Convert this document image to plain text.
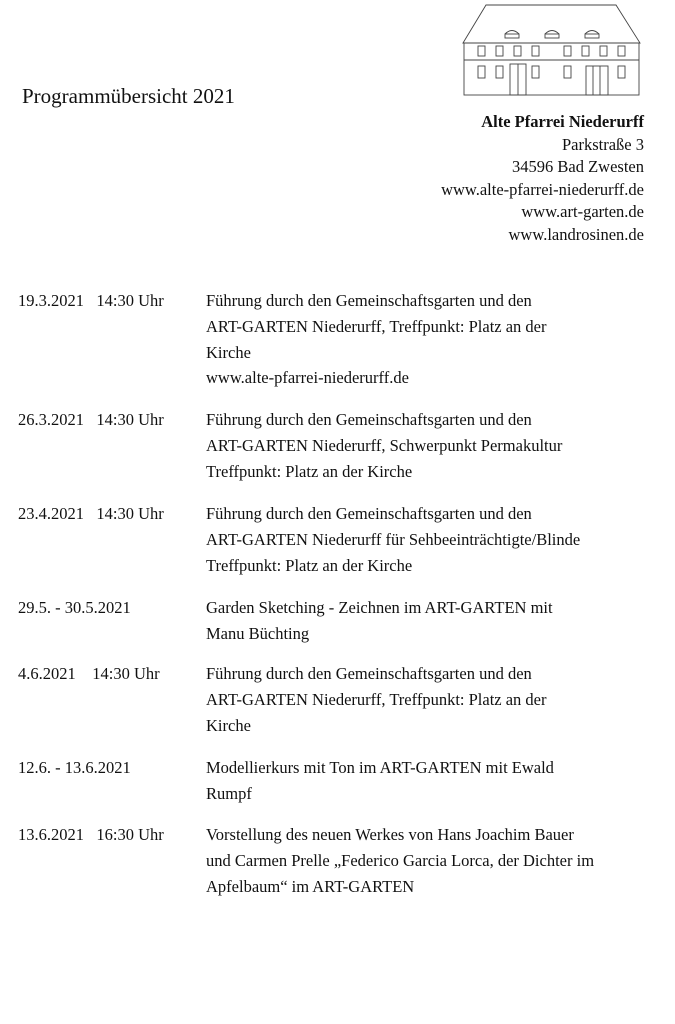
Programmübersicht 2021
Alte Pfarrei Niederurff
Parkstraße 3
34596 Bad Zwesten
www.alte-pfarrei-niederurff.de
www.art-garten.de
www.landrosinen.de
19.3.2021   14:30 Uhr	Führung durch den Gemeinschaftsgarten und den
ART-GARTEN Niederurff, Treffpunkt: Platz an der
Kirche
www.alte-pfarrei-niederurff.de
26.3.2021   14:30 Uhr	Führung durch den Gemeinschaftsgarten und den
ART-GARTEN Niederurff, Schwerpunkt Permakultur
Treffpunkt: Platz an der Kirche
23.4.2021   14:30 Uhr	Führung durch den Gemeinschaftsgarten und den
ART-GARTEN Niederurff für Sehbeeinträchtigte/Blinde
Treffpunkt: Platz an der Kirche
29.5. - 30.5.2021	Garden Sketching - Zeichnen im ART-GARTEN mit
Manu Büchting
4.6.2021    14:30 Uhr	Führung durch den Gemeinschaftsgarten und den
ART-GARTEN Niederurff, Treffpunkt: Platz an der
Kirche
12.6. - 13.6.2021	Modellierkurs mit Ton im ART-GARTEN mit Ewald
Rumpf
13.6.2021   16:30 Uhr	Vorstellung des neuen Werkes von Hans Joachim Bauer
und Carmen Prelle „Federico Garcia Lorca, der Dichter im
Apfelbaum“ im ART-GARTEN
